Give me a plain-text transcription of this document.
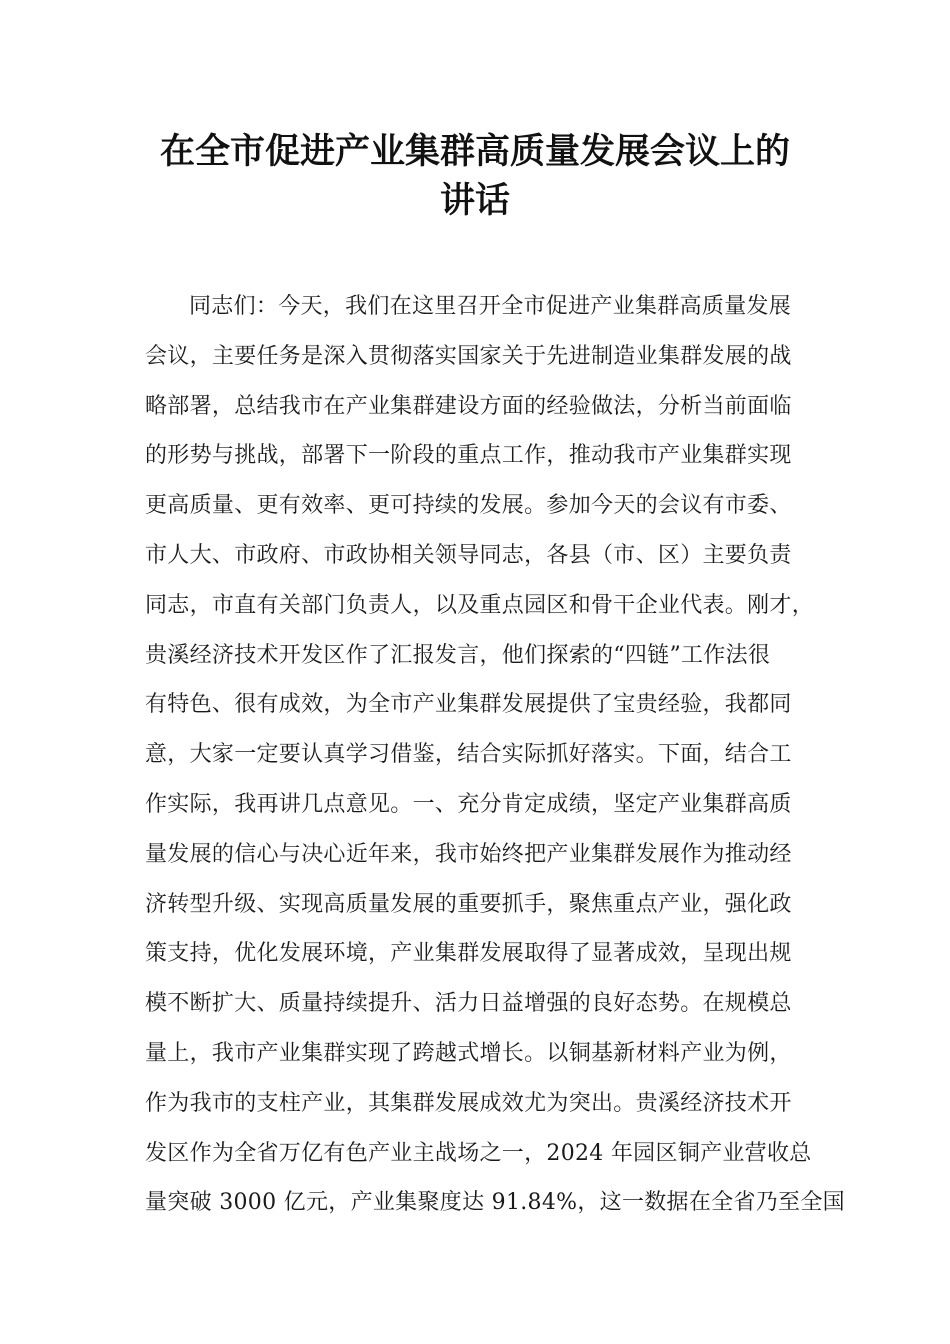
在全市促进产业集群高质量发展会议上的
讲话
同志们：今天，我们在这里召开全市促进产业集群高质量发展
会议，主要任务是深入贯彻落实国家关于先进制造业集群发展的战
略部署，总结我市在产业集群建设方面的经验做法，分析当前面临
的形势与挑战，部署下一阶段的重点工作，推动我市产业集群实现
更高质量、更有效率、更可持续的发展。参加今天的会议有市委、
市人大、市政府、市政协相关领导同志，各县（市、区）主要负责
同志，市直有关部门负责人，以及重点园区和骨干企业代表。刚才，
贵溪经济技术开发区作了汇报发言，他们探索的“四链”工作法很
有特色、很有成效，为全市产业集群发展提供了宝贵经验，我都同
意，大家一定要认真学习借鉴，结合实际抓好落实。下面，结合工
作实际，我再讲几点意见。一、充分肯定成绩，坚定产业集群高质
量发展的信心与决心近年来，我市始终把产业集群发展作为推动经
济转型升级、实现高质量发展的重要抓手，聚焦重点产业，强化政
策支持，优化发展环境，产业集群发展取得了显著成效，呈现出规
模不断扩大、质量持续提升、活力日益增强的良好态势。在规模总
量上，我市产业集群实现了跨越式增长。以铜基新材料产业为例，
作为我市的支柱产业，其集群发展成效尤为突出。贵溪经济技术开
发区作为全省万亿有色产业主战场之一，2024 年园区铜产业营收总
量突破 3000 亿元，产业集聚度达 91.84%，这一数据在全省乃至全国
